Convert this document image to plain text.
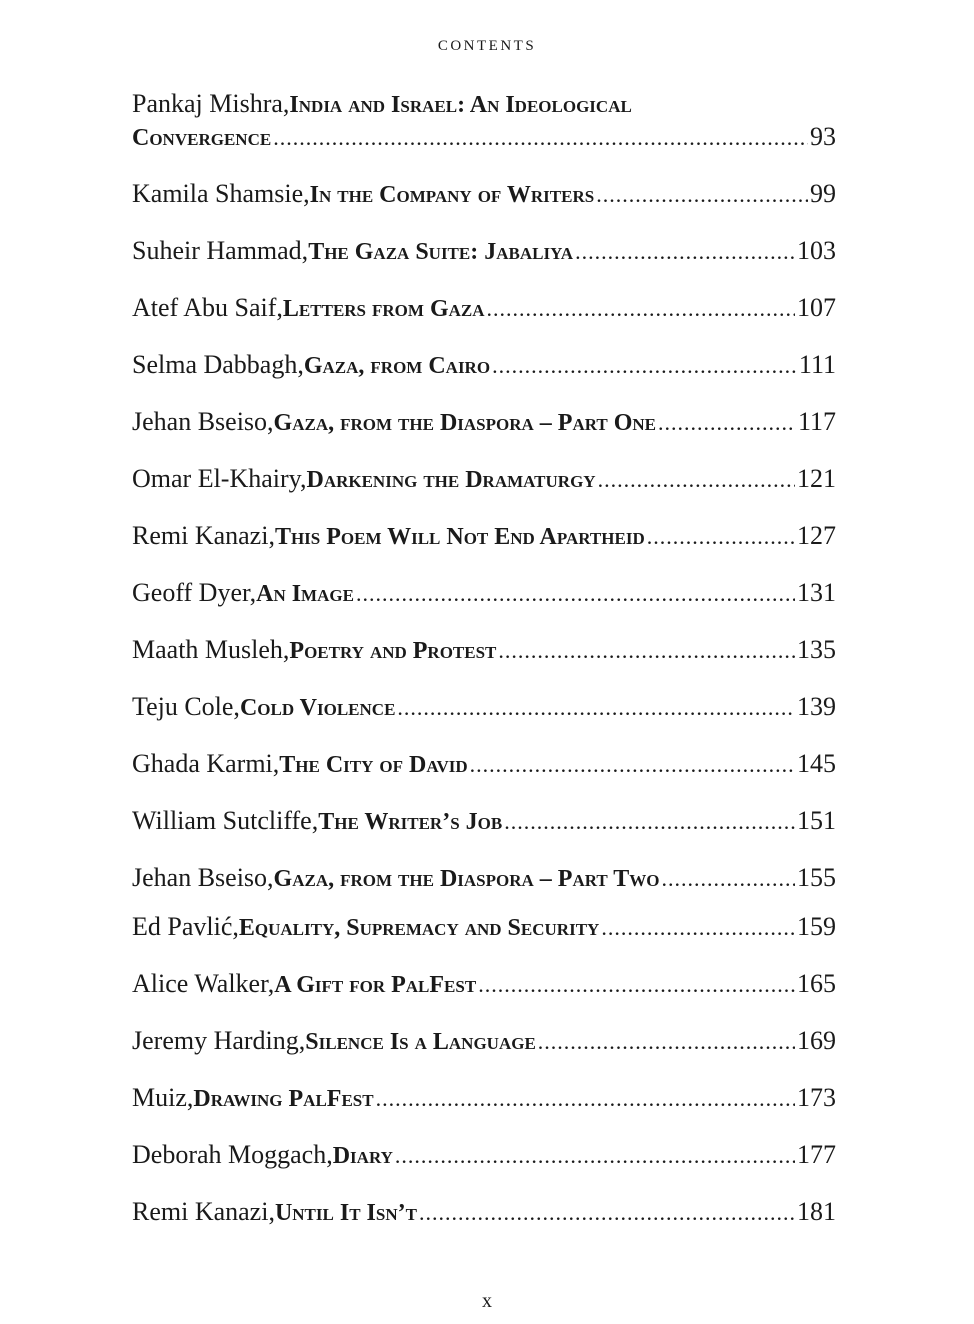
CONTENTS
Pankaj Mishra, India and Israel: An Ideological
Convergence .....	93
Kamila Shamsie, In the Company of Writers .....	99
Suheir Hammad, The Gaza Suite: Jabaliya .....	103
Atef Abu Saif, Letters from Gaza .....	107
Selma Dabbagh, Gaza, from Cairo .....	111
Jehan Bseiso, Gaza, from the Diaspora – Part One .....	117
Omar El-Khairy, Darkening the Dramaturgy .....	121
Remi Kanazi, This Poem Will Not End Apartheid .....	127
Geoff Dyer, An Image .....	131
Maath Musleh, Poetry and Protest .....	135
Teju Cole, Cold Violence .....	139
Ghada Karmi, The City of David .....	145
William Sutcliffe, The Writer’s Job .....	151
Jehan Bseiso, Gaza, from the Diaspora – Part Two .....	155
Ed Pavlić, Equality, Supremacy and Security .....	159
Alice Walker, A Gift for PalFest .....	165
Jeremy Harding, Silence Is a Language .....	169
Muiz, Drawing PalFest .....	173
Deborah Moggach, Diary .....	177
Remi Kanazi, Until It Isn’t .....	181
x
